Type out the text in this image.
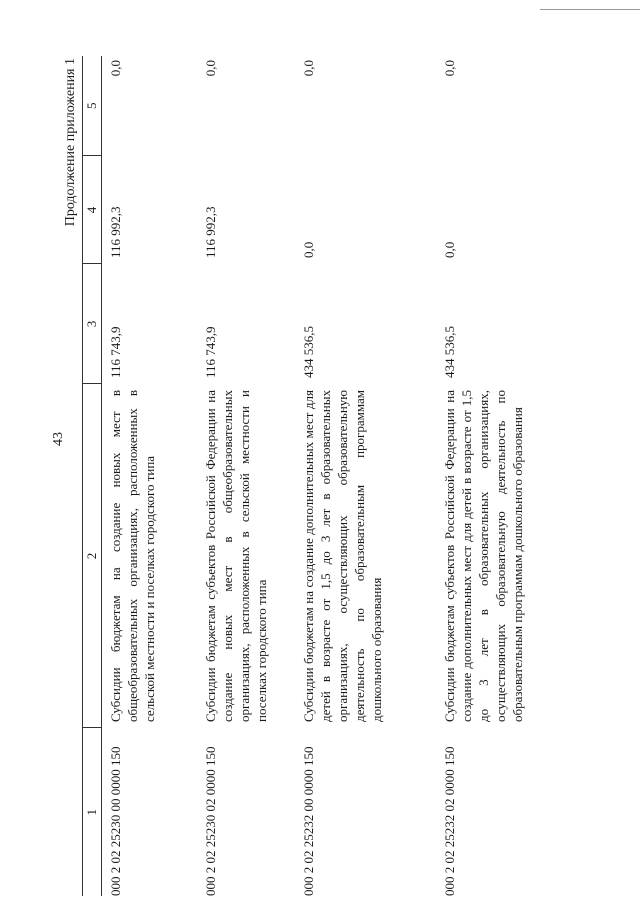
43
Продолжение приложения 1
1	2	3	4	5
000 2 02 25230 00 0000 150	Субсидии бюджетам на создание новых мест в общеобразовательных организациях, расположенных в сельской местности и поселках городского типа	116 743,9	116 992,3	0,0
000 2 02 25230 02 0000 150	Субсидии бюджетам субъектов Российской Федерации на создание новых мест в общеобразовательных организациях, расположенных в сельской местности и поселках городского типа	116 743,9	116 992,3	0,0
000 2 02 25232 00 0000 150	Субсидии бюджетам на создание дополнительных мест для детей в возрасте от 1,5 до 3 лет в образовательных организациях, осуществляющих образовательную деятельность по образовательным программам дошкольного образования	434 536,5	0,0	0,0
000 2 02 25232 02 0000 150	Субсидии бюджетам субъектов Российской Федерации на создание дополнительных мест для детей в возрасте от 1,5 до 3 лет в образовательных организациях, осуществляющих образовательную деятельность по образовательным программам дошкольного образования	434 536,5	0,0	0,0
